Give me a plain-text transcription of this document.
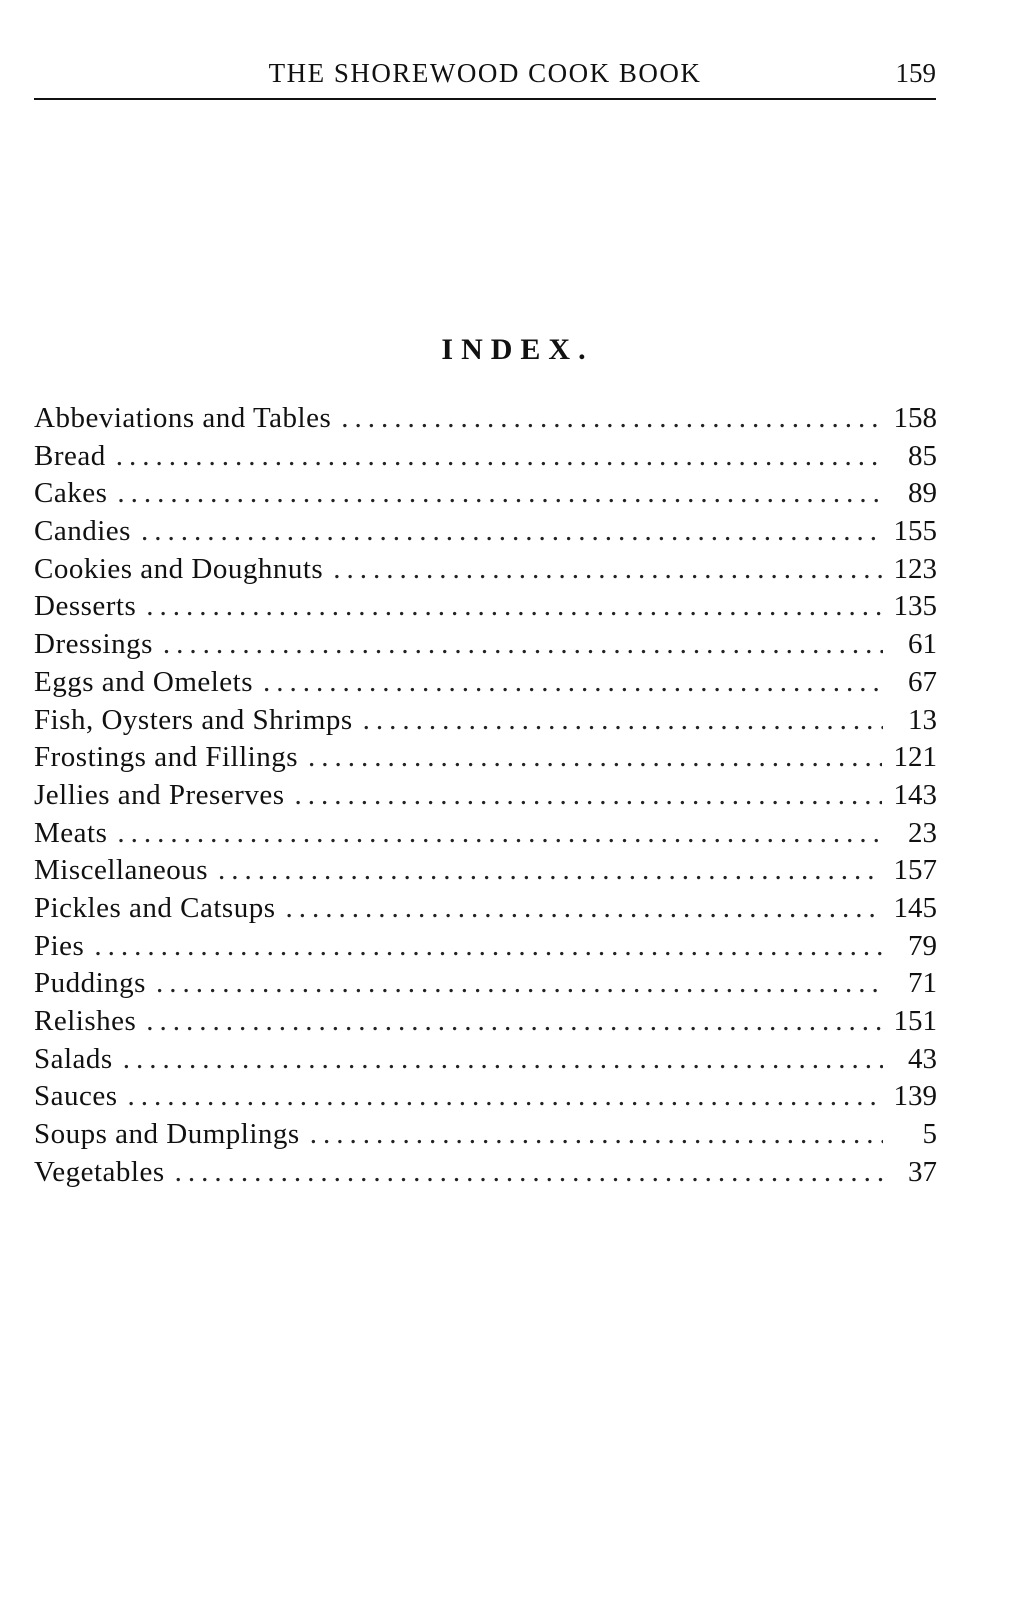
THE SHOREWOOD COOK BOOK	159
INDEX.
Abbeviations and Tables .....	158
Bread .....	85
Cakes .....	89
Candies .....	155
Cookies and Doughnuts .....	123
Desserts .....	135
Dressings .....	61
Eggs and Omelets .....	67
Fish, Oysters and Shrimps .....	13
Frostings and Fillings .....	121
Jellies and Preserves .....	143
Meats .....	23
Miscellaneous .....	157
Pickles and Catsups .....	145
Pies .....	79
Puddings .....	71
Relishes .....	151
Salads .....	43
Sauces .....	139
Soups and Dumplings .....	5
Vegetables .....	37
